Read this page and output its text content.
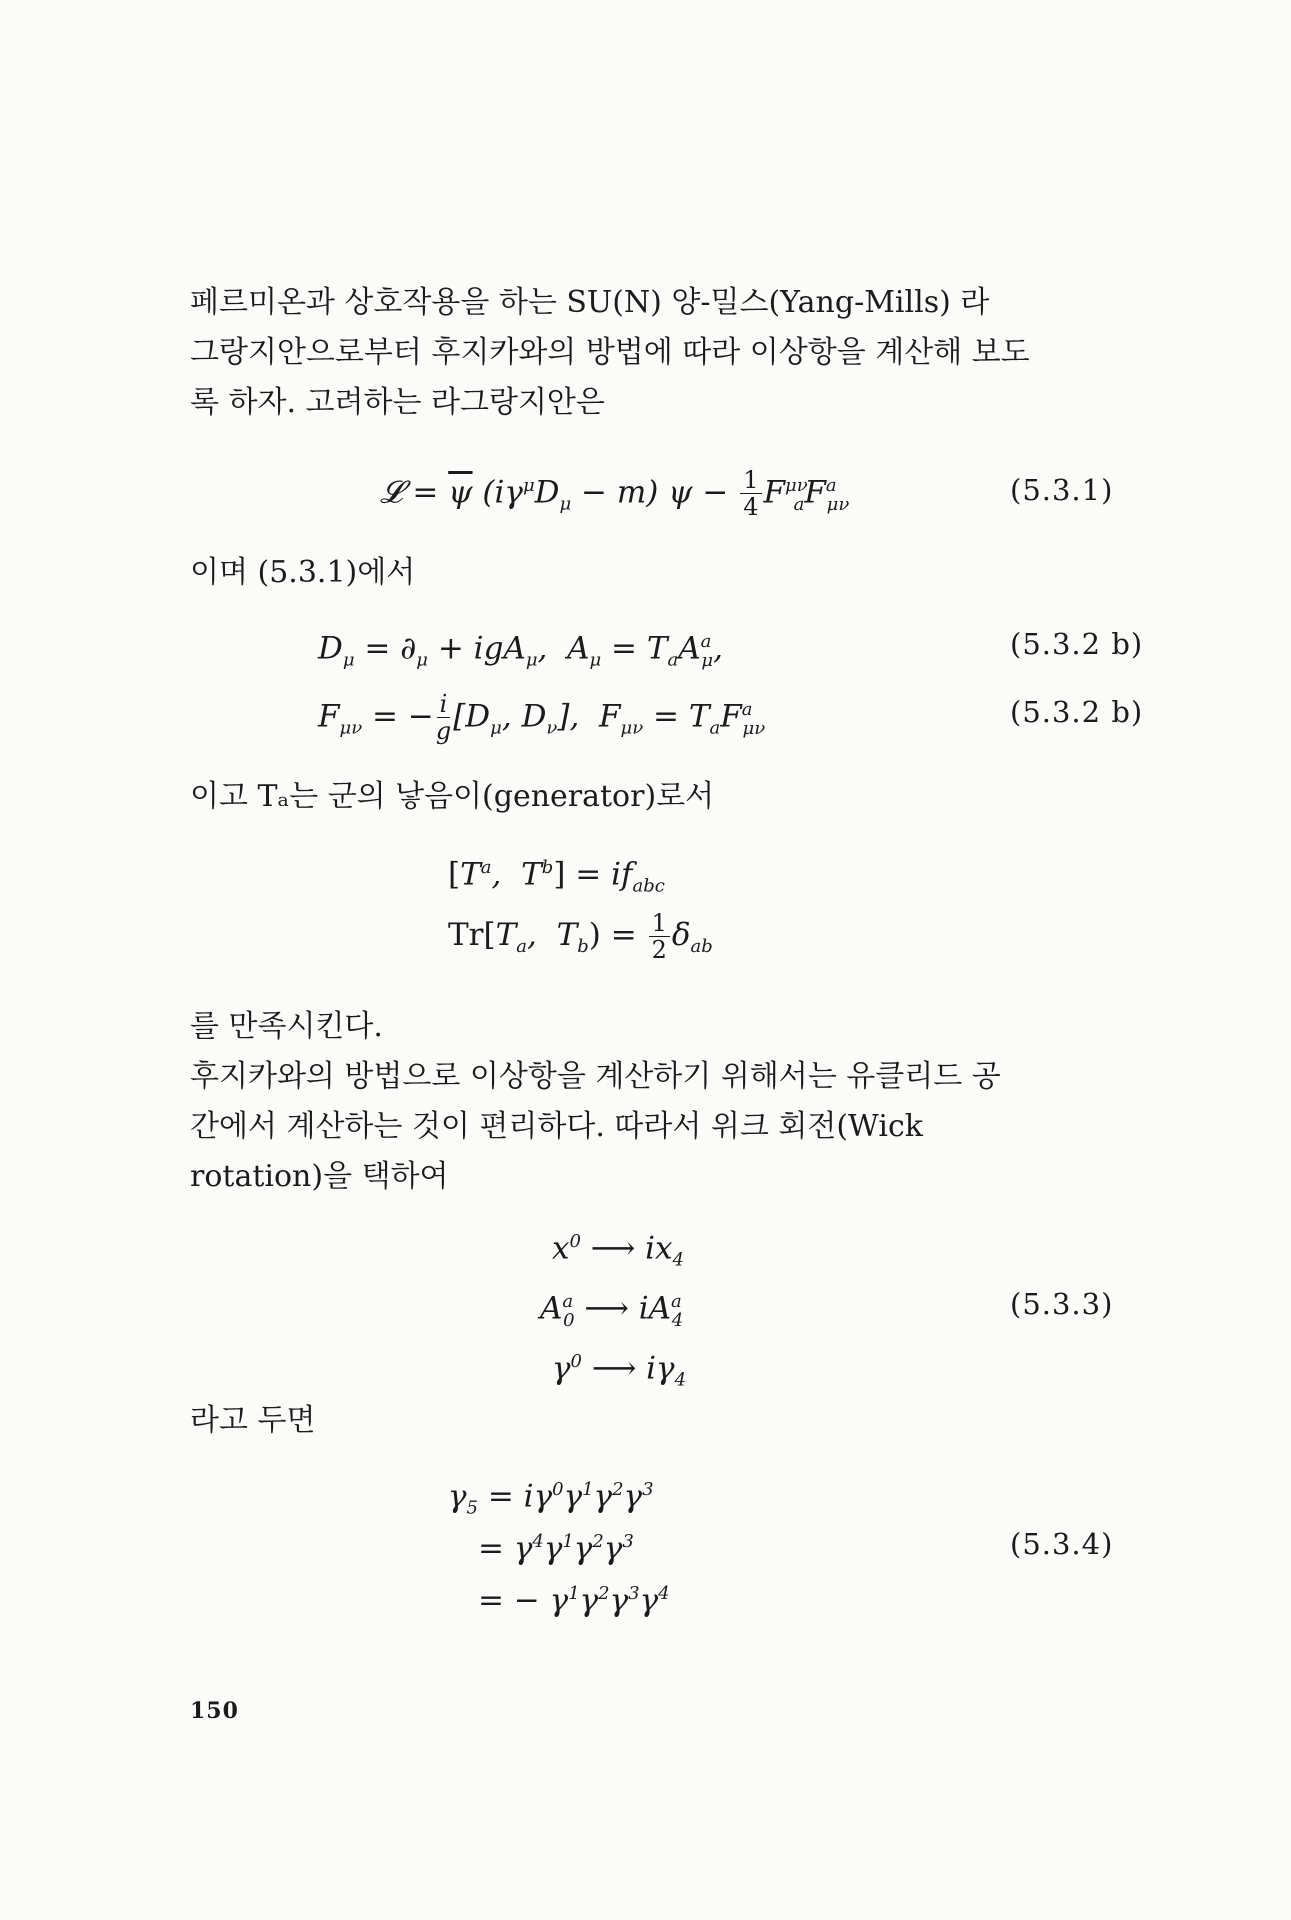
페르미온과 상호작용을 하는 SU(N) 양-밀스(Yang-Mills) 라
그랑지안으로부터 후지카와의 방법에 따라 이상항을 계산해 보도
록 하자. 고려하는 라그랑지안은
𝓛 = $\overline{\psi}$ $(i\gamma^\mu D_\mu - m) \psi - \frac{1}{4} F^{\mu\nu}_aF^a_{\mu\nu}$	(5.3.1)
이며 (5.3.1)에서
$D_\mu = \partial_\mu + igA_\mu$,  $A_\mu = T_aA^a_\mu$,	(5.3.2 b)
$F_{\mu\nu}$ = − $\frac{i}{g} [D_\mu$, $D_\nu$],  $F_{\mu\nu} = T_aF^a_{\mu\nu}$	(5.3.2 b)
이고 Tₐ는 군의 낳음이(generator)로서
[$T^a$,  $T^b] = if_{abc}$
$Tr[T_a$,  $T_b) = \frac{1}{2} \delta_{ab}$
를 만족시킨다.
후지카와의 방법으로 이상항을 계산하기 위해서는 유클리드 공
간에서 계산하는 것이 편리하다. 따라서 위크 회전(Wick
rotation)을 택하여
$x^0$ ⟶ $ix_4$
$A^a_0$ ⟶ $iA^a_4$	(5.3.3)
$\gamma^0$ ⟶ $i\gamma_4$
라고 두면
$\gamma_5 = i\gamma^0\gamma^1\gamma^2\gamma^3$
= $\gamma^4\gamma^1\gamma^2\gamma^3$	(5.3.4)
= − $\gamma^1\gamma^2\gamma^3\gamma^4$
150
